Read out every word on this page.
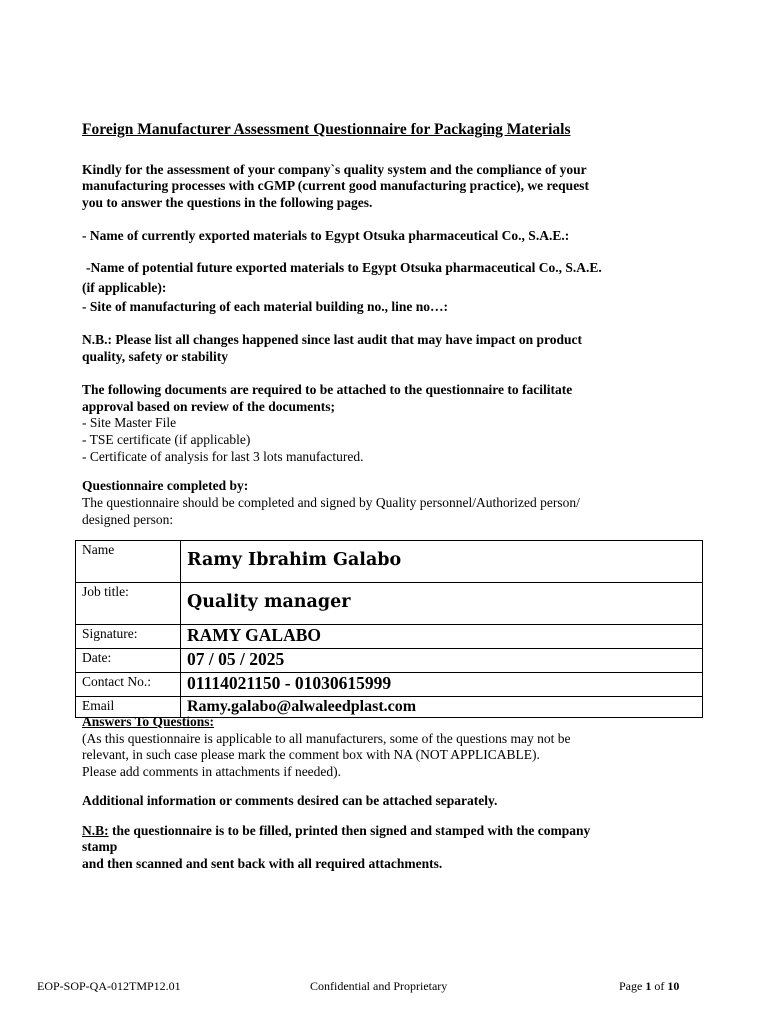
Foreign Manufacturer Assessment Questionnaire for Packaging Materials
Kindly for the assessment of your company`s quality system and the compliance of your
manufacturing processes with cGMP (current good manufacturing practice), we request
you to answer the questions in the following pages.
- Name of currently exported materials to Egypt Otsuka pharmaceutical Co., S.A.E.:
-Name of potential future exported materials to Egypt Otsuka pharmaceutical Co., S.A.E.
(if applicable):
- Site of manufacturing of each material building no., line no…:
N.B.: Please list all changes happened since last audit that may have impact on product
quality, safety or stability
The following documents are required to be attached to the questionnaire to facilitate
approval based on review of the documents;
- Site Master File
- TSE certificate (if applicable)
- Certificate of analysis for last 3 lots manufactured.
Questionnaire completed by:
The questionnaire should be completed and signed by Quality personnel/Authorized person/
designed person:
Name	Ramy Ibrahim Galabo
Job title:	Quality manager
Signature:	RAMY GALABO
Date:	07 / 05 / 2025
Contact No.:	01114021150 - 01030615999
Email	Ramy.galabo@alwaleedplast.com
Answers To Questions:
(As this questionnaire is applicable to all manufacturers, some of the questions may not be
relevant, in such case please mark the comment box with NA (NOT APPLICABLE).
Please add comments in attachments if needed).
Additional information or comments desired can be attached separately.
N.B: the questionnaire is to be filled, printed then signed and stamped with the company
stamp
and then scanned and sent back with all required attachments.
EOP-SOP-QA-012TMP12.01	Confidential and Proprietary	Page 1 of 10
